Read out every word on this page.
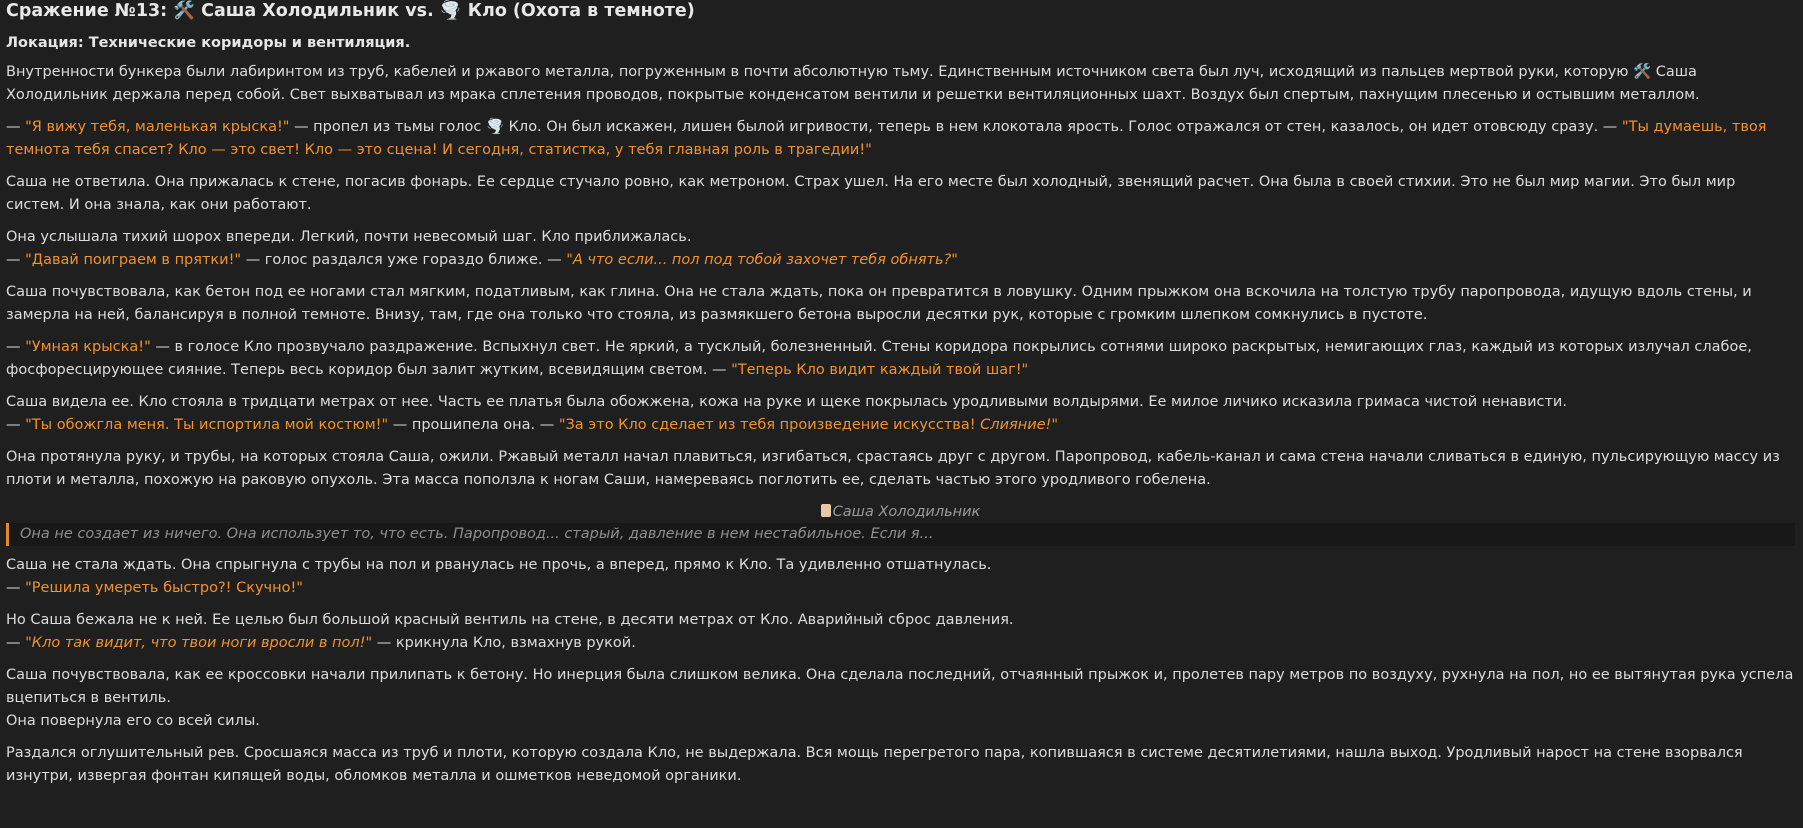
Сражение №13: 🛠️ Саша Холодильник vs. 🌪️ Кло (Охота в темноте)
Локация: Технические коридоры и вентиляция.

Внутренности бункера были лабиринтом из труб, кабелей и ржавого металла, погруженным в почти абсолютную тьму. Единственным источником света был луч, исходящий из пальцев мертвой руки, которую 🛠️ Саша Холодильник держала перед собой. Свет выхватывал из мрака сплетения проводов, покрытые конденсатом вентили и решетки вентиляционных шахт. Воздух был спертым, пахнущим плесенью и остывшим металлом.

— "Я вижу тебя, маленькая крыска!" — пропел из тьмы голос 🌪️ Кло. Он был искажен, лишен былой игривости, теперь в нем клокотала ярость. Голос отражался от стен, казалось, он идет отовсюду сразу. — "Ты думаешь, твоя темнота тебя спасет? Кло — это свет! Кло — это сцена! И сегодня, статистка, у тебя главная роль в трагедии!"

Саша не ответила. Она прижалась к стене, погасив фонарь. Ее сердце стучало ровно, как метроном. Страх ушел. На его месте был холодный, звенящий расчет. Она была в своей стихии. Это не был мир магии. Это был мир систем. И она знала, как они работают.

Она услышала тихий шорох впереди. Легкий, почти невесомый шаг. Кло приближалась.

— "Давай поиграем в прятки!" — голос раздался уже гораздо ближе. — "А что если... пол под тобой захочет тебя обнять?"

Саша почувствовала, как бетон под ее ногами стал мягким, податливым, как глина. Она не стала ждать, пока он превратится в ловушку. Одним прыжком она вскочила на толстую трубу паропровода, идущую вдоль стены, и замерла на ней, балансируя в полной темноте. Внизу, там, где она только что стояла, из размякшего бетона выросли десятки рук, которые с громким шлепком сомкнулись в пустоте.

— "Умная крыска!" — в голосе Кло прозвучало раздражение. Вспыхнул свет. Не яркий, а тусклый, болезненный. Стены коридора покрылись сотнями широко раскрытых, немигающих глаз, каждый из которых излучал слабое, фосфоресцирующее сияние. Теперь весь коридор был залит жутким, всевидящим светом. — "Теперь Кло видит каждый твой шаг!"

Саша видела ее. Кло стояла в тридцати метрах от нее. Часть ее платья была обожжена, кожа на руке и щеке покрылась уродливыми волдырями. Ее милое личико исказила гримаса чистой ненависти.

— "Ты обожгла меня. Ты испортила мой костюм!" — прошипела она. — "За это Кло сделает из тебя произведение искусства! Слияние!"

Она протянула руку, и трубы, на которых стояла Саша, ожили. Ржавый металл начал плавиться, изгибаться, срастаясь друг с другом. Паропровод, кабель-канал и сама стена начали сливаться в единую, пульсирующую массу из плоти и металла, похожую на раковую опухоль. Эта масса поползла к ногам Саши, намереваясь поглотить ее, сделать частью этого уродливого гобелена.

Саша Холодильник
Она не создает из ничего. Она использует то, что есть. Паропровод... старый, давление в нем нестабильное. Если я...

Саша не стала ждать. Она спрыгнула с трубы на пол и рванулась не прочь, а вперед, прямо к Кло. Та удивленно отшатнулась.

— "Решила умереть быстро?! Скучно!"

Но Саша бежала не к ней. Ее целью был большой красный вентиль на стене, в десяти метрах от Кло. Аварийный сброс давления.

— "Кло так видит, что твои ноги вросли в пол!" — крикнула Кло, взмахнув рукой.

Саша почувствовала, как ее кроссовки начали прилипать к бетону. Но инерция была слишком велика. Она сделала последний, отчаянный прыжок и, пролетев пару метров по воздуху, рухнула на пол, но ее вытянутая рука успела вцепиться в вентиль.

Она повернула его со всей силы.

Раздался оглушительный рев. Сросшаяся масса из труб и плоти, которую создала Кло, не выдержала. Вся мощь перегретого пара, копившаяся в системе десятилетиями, нашла выход. Уродливый нарост на стене взорвался изнутри, извергая фонтан кипящей воды, обломков металла и ошметков неведомой органики.
